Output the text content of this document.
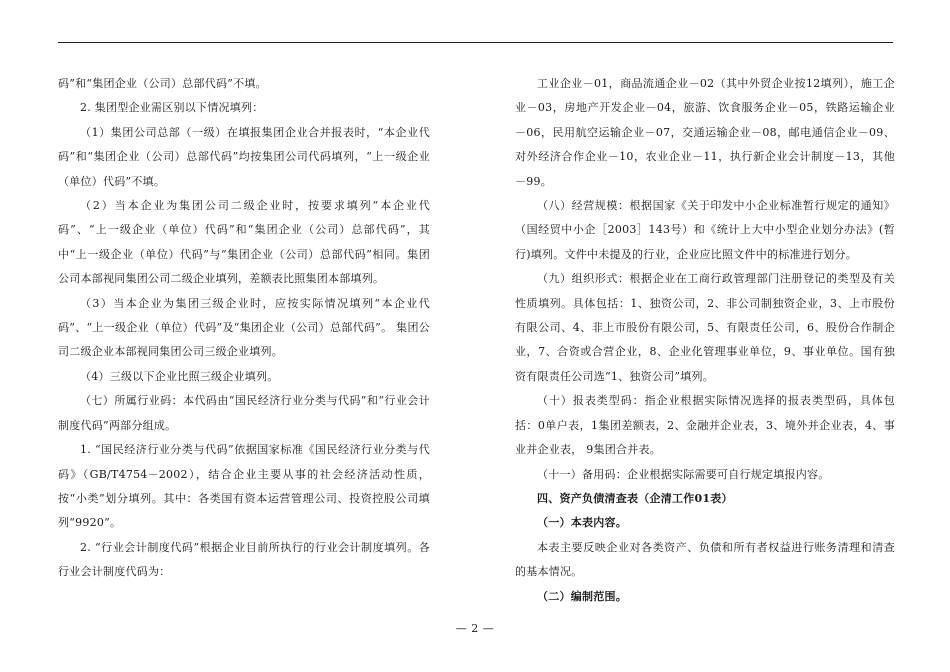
码”和“集团企业（公司）总部代码”不填。

2. 集团型企业需区别以下情况填列：

（1）集团公司总部（一级）在填报集团企业合并报表时，“本企业代码”和“集团企业（公司）总部代码”均按集团公司代码填列，“上一级企业（单位）代码”不填。

（2）当本企业为集团公司二级企业时，按要求填列“本企业代码”、“上一级企业（单位）代码”和“集团企业（公司）总部代码”，其中“上一级企业（单位）代码”与“集团企业（公司）总部代码”相同。集团公司本部视同集团公司二级企业填列，差额表比照集团本部填列。

（3）当本企业为集团三级企业时，应按实际情况填列“本企业代码”、“上一级企业（单位）代码”及“集团企业（公司）总部代码”。 集团公司二级企业本部视同集团公司三级企业填列。

（4）三级以下企业比照三级企业填列。

（七）所属行业码：本代码由“国民经济行业分类与代码”和“行业会计制度代码”两部分组成。

1. “国民经济行业分类与代码”依据国家标准《国民经济行业分类与代码》（GB/T4754－2002），结合企业主要从事的社会经济活动性质，按“小类”划分填列。其中：各类国有资本运营管理公司、投资控股公司填列“9920”。

2. “行业会计制度代码”根据企业目前所执行的行业会计制度填列。各行业会计制度代码为：

工业企业－01，商品流通企业－02（其中外贸企业按12填列），施工企业－03，房地产开发企业－04，旅游、饮食服务企业－05，铁路运输企业－06，民用航空运输企业－07，交通运输企业－08，邮电通信企业－09、对外经济合作企业－10，农业企业－11，执行新企业会计制度－13，其他－99。

（八）经营规模：根据国家《关于印发中小企业标准暂行规定的通知》（国经贸中小企［2003］143号）和《统计上大中小型企业划分办法》(暂行)填列。文件中未提及的行业，企业应比照文件中的标准进行划分。

（九）组织形式：根据企业在工商行政管理部门注册登记的类型及有关性质填列。具体包括：1、独资公司，2、非公司制独资企业，3、上市股份有限公司、4、非上市股份有限公司，5、有限责任公司，6、股份合作制企业，7、合资或合营企业，8、企业化管理事业单位，9、事业单位。国有独资有限责任公司选“1、独资公司”填列。

（十）报表类型码：指企业根据实际情况选择的报表类型码，具体包括：0单户表，1集团差额表，2、金融并企业表，3、境外并企业表，4、事业并企业表， 9集团合并表。

（十一）备用码：企业根据实际需要可自行规定填报内容。

四、资产负债清查表（企清工作01表）

（一）本表内容。

本表主要反映企业对各类资产、负债和所有者权益进行账务清理和清查的基本情况。

（二）编制范围。

— 2 —
